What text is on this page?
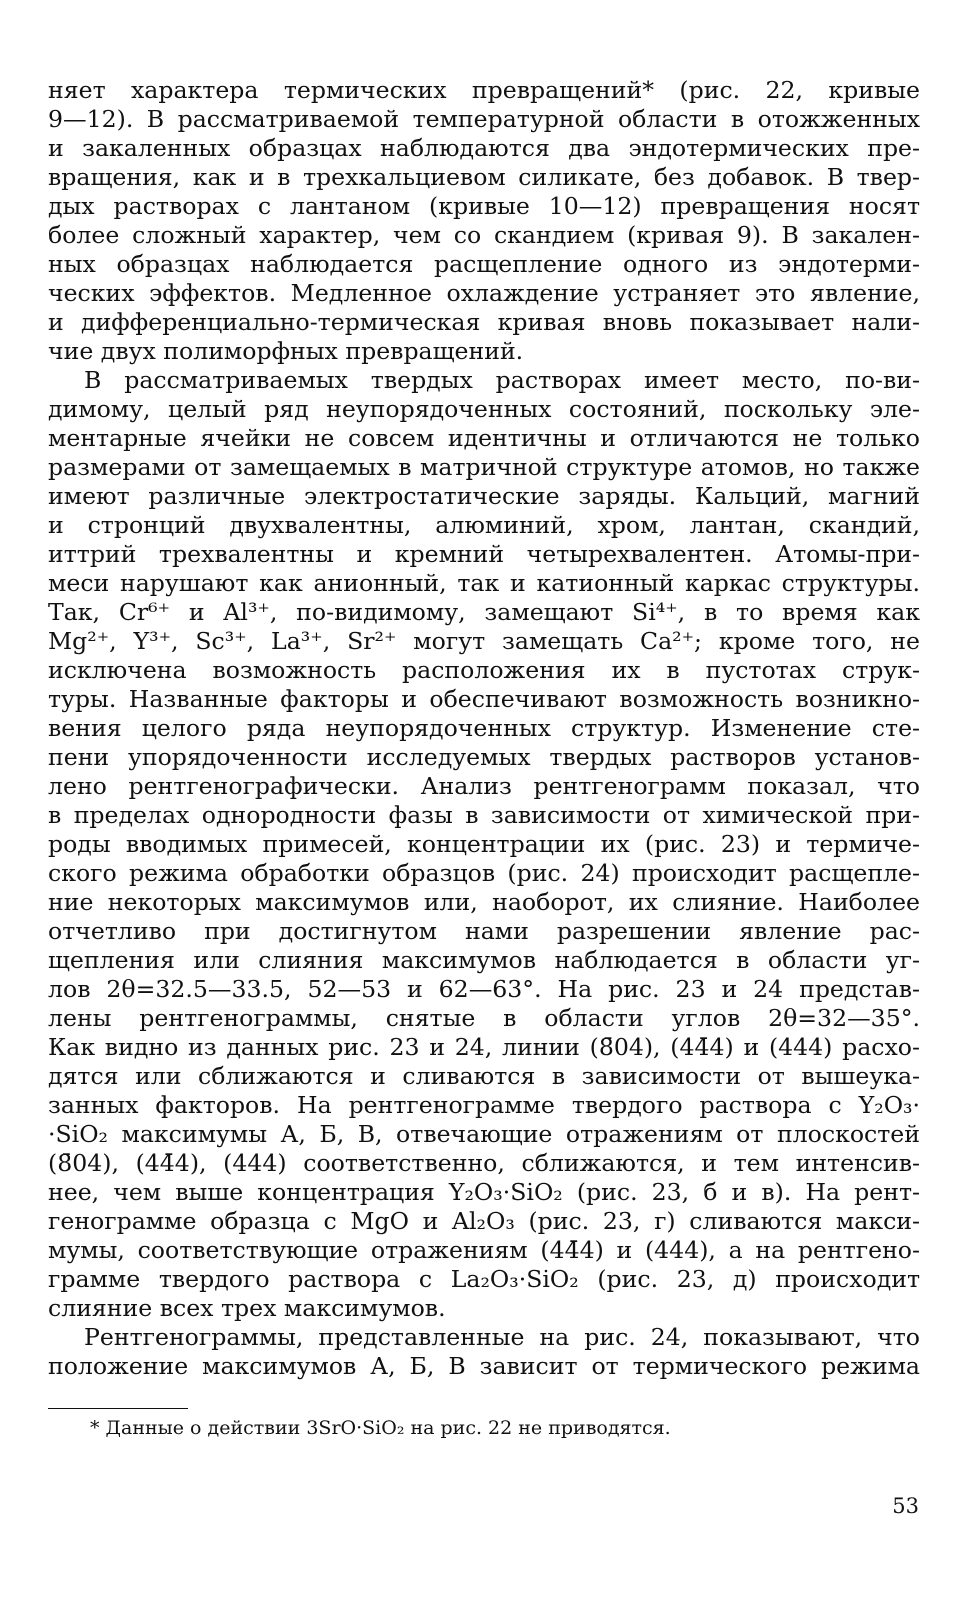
няет характера термических превращений* (рис. 22, кривые
9—12). В рассматриваемой температурной области в отожженных
и закаленных образцах наблюдаются два эндотермических пре-
вращения, как и в трехкальциевом силикате, без добавок. В твер-
дых растворах с лантаном (кривые 10—12) превращения носят
более сложный характер, чем со скандием (кривая 9). В закален-
ных образцах наблюдается расщепление одного из эндотерми-
ческих эффектов. Медленное охлаждение устраняет это явление,
и дифференциально-термическая кривая вновь показывает нали-
чие двух полиморфных превращений.

В рассматриваемых твердых растворах имеет место, по-ви-
димому, целый ряд неупорядоченных состояний, поскольку эле-
ментарные ячейки не совсем идентичны и отличаются не только
размерами от замещаемых в матричной структуре атомов, но также
имеют различные электростатические заряды. Кальций, магний
и стронций двухвалентны, алюминий, хром, лантан, скандий,
иттрий трехвалентны и кремний четырехвалентен. Атомы-при-
меси нарушают как анионный, так и катионный каркас структуры.
Так, Cr⁶⁺ и Al³⁺, по-видимому, замещают Si⁴⁺, в то время как
Mg²⁺, Y³⁺, Sc³⁺, La³⁺, Sr²⁺ могут замещать Ca²⁺; кроме того, не
исключена возможность расположения их в пустотах струк-
туры. Названные факторы и обеспечивают возможность возникно-
вения целого ряда неупорядоченных структур. Изменение сте-
пени упорядоченности исследуемых твердых растворов установ-
лено рентгенографически. Анализ рентгенограмм показал, что
в пределах однородности фазы в зависимости от химической при-
роды вводимых примесей, концентрации их (рис. 23) и термиче-
ского режима обработки образцов (рис. 24) происходит расщепле-
ние некоторых максимумов или, наоборот, их слияние. Наиболее
отчетливо при достигнутом нами разрешении явление рас-
щепления или слияния максимумов наблюдается в области уг-
лов 2θ=32.5—33.5, 52—53 и 62—63°. На рис. 23 и 24 представ-
лены рентгенограммы, снятые в области углов 2θ=32—35°.
Как видно из данных рис. 23 и 24, линии (8̄04), (44̄4) и (444) расхо-
дятся или сближаются и сливаются в зависимости от вышеука-
занных факторов. На рентгенограмме твердого раствора с Y₂O₃·
·SiO₂ максимумы А, Б, В, отвечающие отражениям от плоскостей
(8̄04), (44̄4), (444) соответственно, сближаются, и тем интенсив-
нее, чем выше концентрация Y₂O₃·SiO₂ (рис. 23, б и в). На рент-
генограмме образца с MgO и Al₂O₃ (рис. 23, г) сливаются макси-
мумы, соответствующие отражениям (44̄4) и (444), а на рентгено-
грамме твердого раствора с La₂O₃·SiO₂ (рис. 23, д) происходит
слияние всех трех максимумов.

Рентгенограммы, представленные на рис. 24, показывают, что
положение максимумов А, Б, В зависит от термического режима

* Данные о действии 3SrO·SiO₂ на рис. 22 не приводятся.
53
